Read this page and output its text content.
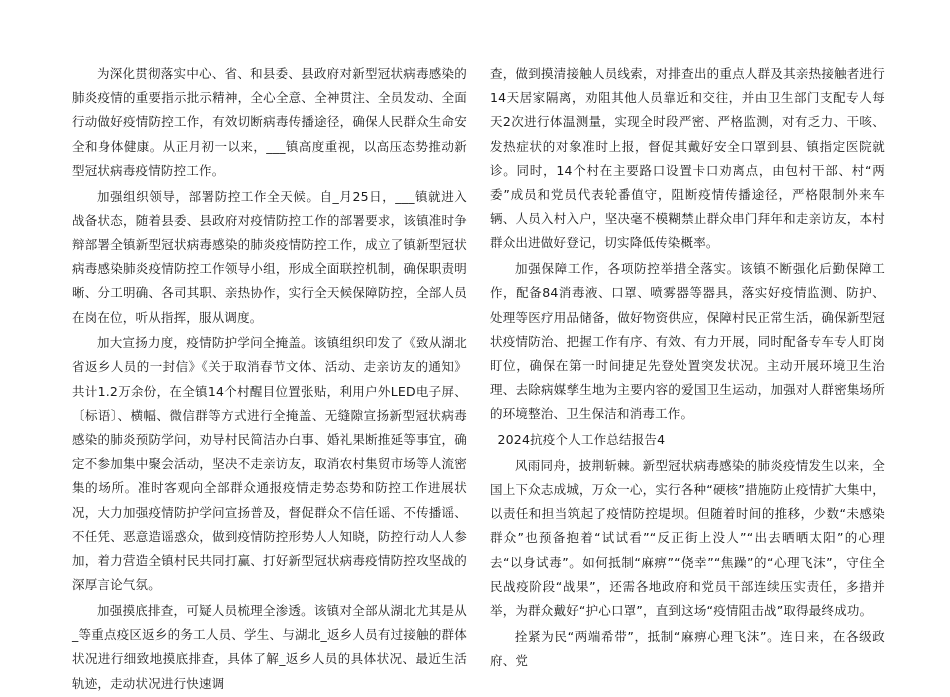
为深化贯彻落实中心、省、和县委、县政府对新型冠状病毒感染的肺炎疫情的重要指示批示精神，全心全意、全神贯注、全员发动、全面行动做好疫情防控工作，有效切断病毒传播途径，确保人民群众生命安全和身体健康。从正月初一以来，___镇高度重视，以高压态势推动新型冠状病毒疫情防控工作。

加强组织领导，部署防控工作全天候。自_月25日，___镇就进入战备状态，随着县委、县政府对疫情防控工作的部署要求，该镇准时争辩部署全镇新型冠状病毒感染的肺炎疫情防控工作，成立了镇新型冠状病毒感染肺炎疫情防控工作领导小组，形成全面联控机制，确保职责明晰、分工明确、各司其职、亲热协作，实行全天候保障防控，全部人员在岗在位，听从指挥，服从调度。

加大宣扬力度，疫情防护学问全掩盖。该镇组织印发了《致从湖北省返乡人员的一封信》《关于取消春节文体、活动、走亲访友的通知》共计1.2万余份，在全镇14个村醒目位置张贴，利用户外LED电子屏、〔标语〕、横幅、微信群等方式进行全掩盖、无缝隙宣扬新型冠状病毒感染的肺炎预防学问，劝导村民简洁办白事、婚礼果断推延等事宜，确定不参加集中聚会活动，坚决不走亲访友，取消农村集贸市场等人流密集的场所。准时客观向全部群众通报疫情走势态势和防控工作进展状况，大力加强疫情防护学问宣扬普及，督促群众不信任谣、不传播谣、不任凭、恶意造谣惑众，做到疫情防控形势人人知晓，防控行动人人参加，着力营造全镇村民共同打赢、打好新型冠状病毒疫情防控攻坚战的深厚言论气氛。

加强摸底排查，可疑人员梳理全渗透。该镇对全部从湖北尤其是从_等重点疫区返乡的务工人员、学生、与湖北_返乡人员有过接触的群体状况进行细致地摸底排查，具体了解_返乡人员的具体状况、最近生活轨迹，走动状况进行快速调

查，做到摸清接触人员线索，对排查出的重点人群及其亲热接触者进行14天居家隔离，劝阻其他人员靠近和交往，并由卫生部门支配专人每天2次进行体温测量，实现全时段严密、严格监测，对有乏力、干咳、发热症状的对象准时上报，督促其戴好安全口罩到县、镇指定医院就诊。同时，14个村在主要路口设置卡口劝离点，由包村干部、村“两委”成员和党员代表轮番值守，阻断疫情传播途径，严格限制外来车辆、人员入村入户，坚决毫不模糊禁止群众串门拜年和走亲访友，本村群众出进做好登记，切实降低传染概率。

加强保障工作，各项防控举措全落实。该镇不断强化后勤保障工作，配备84消毒液、口罩、喷雾器等器具，落实好疫情监测、防护、处理等医疗用品储备，做好物资供应，保障村民正常生活，确保新型冠状疫情防治、把握工作有序、有效、有力开展，同时配备专车专人盯岗盯位，确保在第一时间捷足先登处置突发状况。主动开展环境卫生治理、去除病媒孳生地为主要内容的爱国卫生运动，加强对人群密集场所的环境整治、卫生保洁和消毒工作。

2024抗疫个人工作总结报告4

风雨同舟，披荆斩棘。新型冠状病毒感染的肺炎疫情发生以来，全国上下众志成城，万众一心，实行各种“硬核”措施防止疫情扩大集中，以责任和担当筑起了疫情防控堤坝。但随着时间的推移，少数“未感染群众”也预备抱着“试试看”“反正街上没人”“出去晒晒太阳”的心理去“以身试毒”。如何抵制“麻痹”“侥幸”“焦躁”的“心理飞沫”，守住全民战疫阶段“战果”，还需各地政府和党员干部连续压实责任，多措并举，为群众戴好“护心口罩”，直到这场“疫情阻击战”取得最终成功。

拴紧为民“两端希带”，抵制“麻痹心理飞沫”。连日来，在各级政府、党
